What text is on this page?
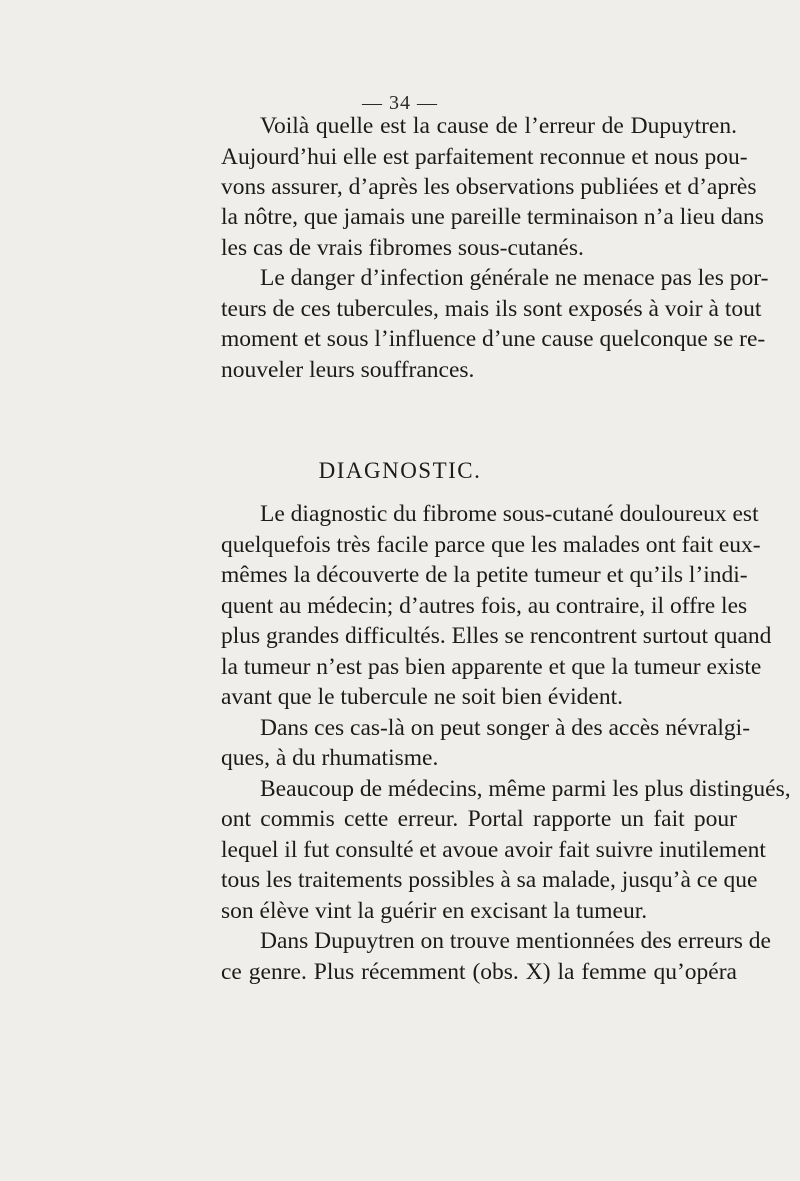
— 34 —
Voilà quelle est la cause de l’erreur de Dupuytren.
Aujourd’hui elle est parfaitement reconnue et nous pou-
vons assurer, d’après les observations publiées et d’après
la nôtre, que jamais une pareille terminaison n’a lieu dans
les cas de vrais fibromes sous-cutanés.
Le danger d’infection générale ne menace pas les por-
teurs de ces tubercules, mais ils sont exposés à voir à tout
moment et sous l’influence d’une cause quelconque se re-
nouveler leurs souffrances.
DIAGNOSTIC.
Le diagnostic du fibrome sous-cutané douloureux est
quelquefois très facile parce que les malades ont fait eux-
mêmes la découverte de la petite tumeur et qu’ils l’indi-
quent au médecin; d’autres fois, au contraire, il offre les
plus grandes difficultés. Elles se rencontrent surtout quand
la tumeur n’est pas bien apparente et que la tumeur existe
avant que le tubercule ne soit bien évident.
Dans ces cas-là on peut songer à des accès névralgi-
ques, à du rhumatisme.
Beaucoup de médecins, même parmi les plus distingués,
ont commis cette erreur. Portal rapporte un fait pour
lequel il fut consulté et avoue avoir fait suivre inutilement
tous les traitements possibles à sa malade, jusqu’à ce que
son élève vint la guérir en excisant la tumeur.
Dans Dupuytren on trouve mentionnées des erreurs de
ce genre. Plus récemment (obs. X) la femme qu’opéra
